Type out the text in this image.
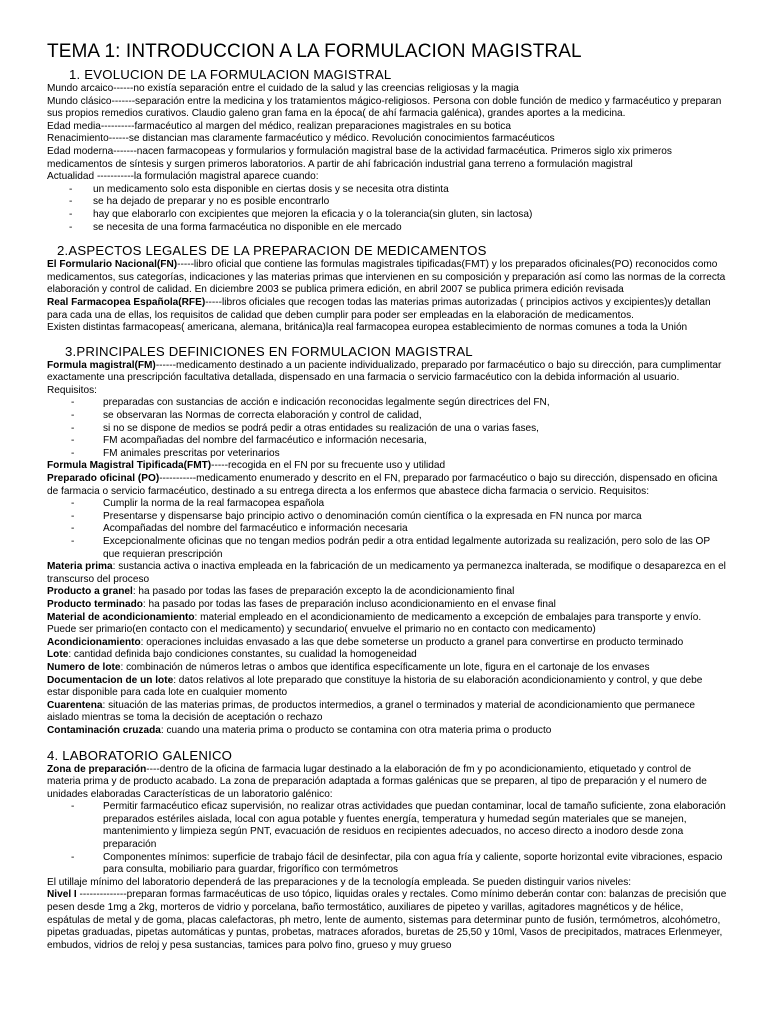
TEMA 1: INTRODUCCION A LA FORMULACION MAGISTRAL
1. EVOLUCION DE LA FORMULACION MAGISTRAL

Mundo arcaico------no existía separación entre el cuidado de la salud y las creencias religiosas y la magia

Mundo clásico-------separación entre la medicina y los tratamientos mágico-religiosos. Persona con doble función de medico y farmacéutico y preparan sus propios remedios curativos. Claudio galeno gran fama en la época( de ahí farmacia galénica), grandes aportes a la medicina.

Edad media----------farmacéutico al margen del médico, realizan preparaciones magistrales en su botica

Renacimiento------se distancian mas claramente farmacéutico y médico. Revolución conocimientos farmacéuticos

Edad moderna-------nacen farmacopeas y formularios y formulación magistral base de la actividad farmacéutica. Primeros siglo xix primeros medicamentos de síntesis y surgen primeros laboratorios. A partir de ahí fabricación industrial gana terreno a formulación magistral

Actualidad -----------la formulación magistral aparece cuando:

- un medicamento solo esta disponible en ciertas dosis y se necesita otra distinta
- se ha dejado de preparar y no es posible encontrarlo
- hay que elaborarlo con excipientes que mejoren la eficacia y o la tolerancia(sin gluten, sin lactosa)
- se necesita de una forma farmacéutica no disponible en ele mercado
2.ASPECTOS LEGALES DE LA PREPARACION DE MEDICAMENTOS

El Formulario Nacional(FN)-----libro oficial que contiene las formulas magistrales tipificadas(FMT) y los preparados oficinales(PO) reconocidos como medicamentos, sus categorías, indicaciones y las materias primas que intervienen en su composición y preparación así como las normas de la correcta elaboración y control de calidad. En diciembre 2003 se publica primera edición, en abril 2007 se publica primera edición revisada

Real Farmacopea Española(RFE)-----libros oficiales que recogen todas las materias primas autorizadas ( principios activos y excipientes)y detallan para cada una de ellas, los requisitos de calidad que deben cumplir para poder ser empleadas en la elaboración de medicamentos.

Existen distintas farmacopeas( americana, alemana, británica)la real farmacopea europea establecimiento de normas comunes a toda la Unión

3.PRINCIPALES DEFINICIONES EN FORMULACION MAGISTRAL

Formula magistral(FM)------medicamento destinado a un paciente individualizado, preparado por farmacéutico o bajo su dirección, para cumplimentar exactamente una prescripción facultativa detallada, dispensado en una farmacia o servicio farmacéutico con la debida información al usuario. Requisitos:

- preparadas con sustancias de acción e indicación reconocidas legalmente según directrices del FN,
- se observaran las Normas de correcta elaboración y control de calidad,
- si no se dispone de medios se podrá pedir a otras entidades su realización de una o varias fases,
- FM acompañadas del nombre del farmacéutico e información necesaria,
- FM animales prescritas por veterinarios

Formula Magistral Tipificada(FMT)-----recogida en el FN por su frecuente uso y utilidad

Preparado oficinal (PO)-----------medicamento enumerado y descrito en el FN, preparado por farmacéutico o bajo su dirección, dispensado en oficina de farmacia o servicio farmacéutico, destinado a su entrega directa a los enfermos que abastece dicha farmacia o servicio. Requisitos:

- Cumplir la norma de la real farmacopea española
- Presentarse y dispensarse bajo principio activo o denominación común científica o la expresada en FN nunca por marca
- Acompañadas del nombre del farmacéutico e información necesaria
- Excepcionalmente oficinas que no tengan medios podrán pedir a otra entidad legalmente autorizada su realización, pero solo de las OP que requieran prescripción

Materia prima: sustancia activa o inactiva empleada en la fabricación de un medicamento ya permanezca inalterada, se modifique o desaparezca en el transcurso del proceso

Producto a granel: ha pasado por todas las fases de preparación excepto la de acondicionamiento final

Producto terminado: ha pasado por todas las fases de preparación incluso acondicionamiento en el envase final

Material de acondicionamiento: material empleado en el acondicionamiento de medicamento a excepción de embalajes para transporte y envío. Puede ser primario(en contacto con el medicamento) y secundario( envuelve el primario no en contacto con medicamento)

Acondicionamiento: operaciones incluidas envasado a las que debe someterse un producto a granel para convertirse en producto terminado

Lote: cantidad definida bajo condiciones constantes, su cualidad la homogeneidad

Numero de lote: combinación de números letras o ambos que identifica específicamente un lote, figura en el cartonaje de los envases

Documentacion de un lote: datos relativos al lote preparado que constituye la historia de su elaboración acondicionamiento y control, y que debe estar disponible para cada lote en cualquier momento

Cuarentena: situación de las materias primas, de productos intermedios, a granel o terminados y material de acondicionamiento que permanece aislado mientras se toma la decisión de aceptación o rechazo

Contaminación cruzada: cuando una materia prima o producto se contamina con otra materia prima o producto

4. LABORATORIO GALENICO

Zona de preparación----dentro de la oficina de farmacia lugar destinado a la elaboración de fm y po acondicionamiento, etiquetado y control de materia prima y de producto acabado. La zona de preparación adaptada a formas galénicas que se preparen, al tipo de preparación y el numero de unidades elaboradas Características de un laboratorio galénico:

- Permitir farmacéutico eficaz supervisión, no realizar otras actividades que puedan contaminar, local de tamaño suficiente, zona elaboración preparados estériles aislada, local con agua potable y fuentes energía, temperatura y humedad según materiales que se manejen, mantenimiento y limpieza según PNT, evacuación de residuos en recipientes adecuados, no acceso directo a inodoro desde zona preparación
- Componentes mínimos: superficie de trabajo fácil de desinfectar, pila con agua fría y caliente, soporte horizontal evite vibraciones, espacio para consulta, mobiliario para guardar, frigorífico con termómetros

El utillaje mínimo del laboratorio dependerá de las preparaciones y de la tecnología empleada. Se pueden distinguir varios niveles:

Nivel I --------------preparan formas farmacéuticas de uso tópico, liquidas orales y rectales. Como mínimo deberán contar con: balanzas de precisión que pesen desde 1mg a 2kg, morteros de vidrio y porcelana, baño termostático, auxiliares de pipeteo y varillas, agitadores magnéticos y de hélice, espátulas de metal y de goma, placas calefactoras, ph metro, lente de aumento, sistemas para determinar punto de fusión, termómetros, alcohómetro, pipetas graduadas, pipetas automáticas y puntas, probetas, matraces aforados, buretas de 25,50 y 10ml, Vasos de precipitados, matraces Erlenmeyer, embudos, vidrios de reloj y pesa sustancias, tamices para polvo fino, grueso y muy grueso
